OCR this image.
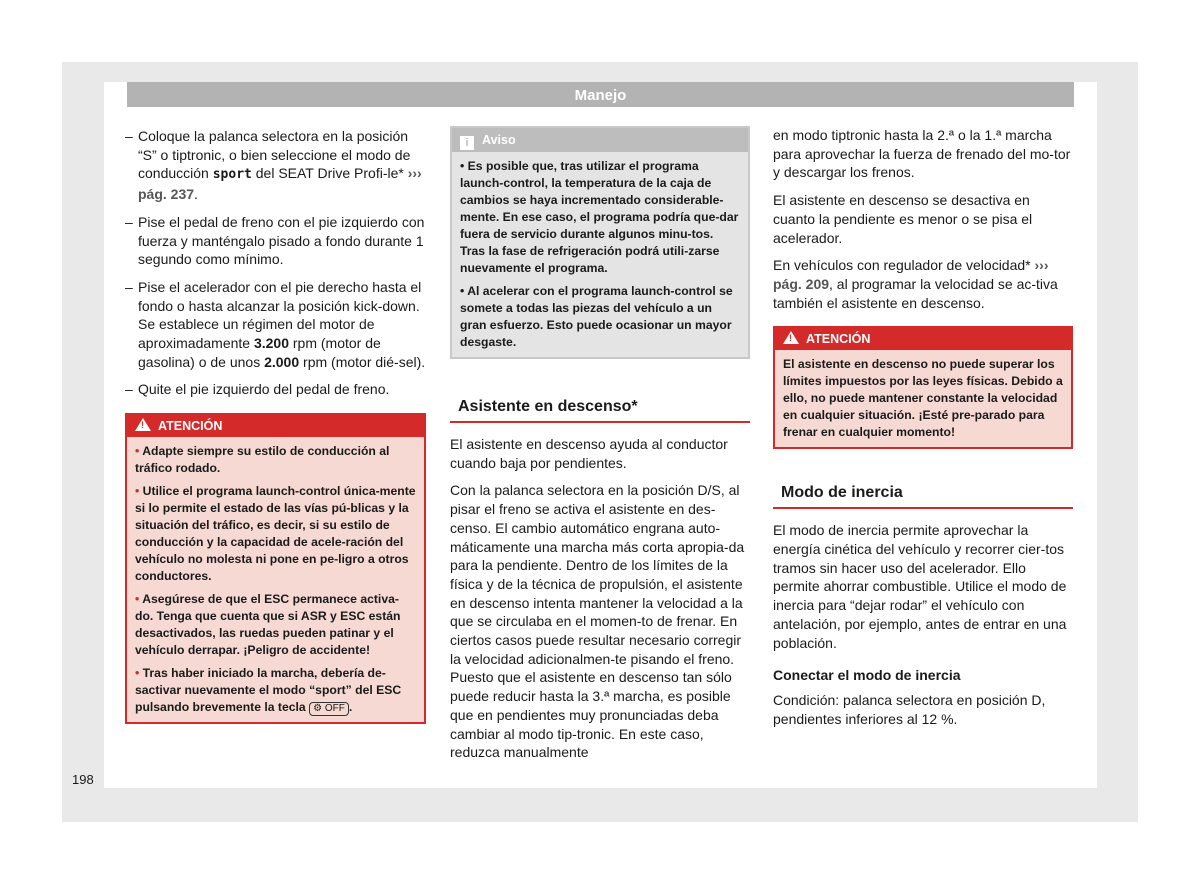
Manejo
– Coloque la palanca selectora en la posición “S” o tiptronic, o bien seleccione el modo de conducción sport del SEAT Drive Profi-le* ››› pág. 237.
– Pise el pedal de freno con el pie izquierdo con fuerza y manténgalo pisado a fondo durante 1 segundo como mínimo.
– Pise el acelerador con el pie derecho hasta el fondo o hasta alcanzar la posición kick-down. Se establece un régimen del motor de aproximadamente 3.200 rpm (motor de gasolina) o de unos 2.000 rpm (motor dié-sel).
– Quite el pie izquierdo del pedal de freno.
!ATENCIÓN

• Adapte siempre su estilo de conducción al tráfico rodado.

• Utilice el programa launch-control única-mente si lo permite el estado de las vías pú-blicas y la situación del tráfico, es decir, si su estilo de conducción y la capacidad de acele-ración del vehículo no molesta ni pone en pe-ligro a otros conductores.

• Asegúrese de que el ESC permanece activa-do. Tenga que cuenta que si ASR y ESC están desactivados, las ruedas pueden patinar y el vehículo derrapar. ¡Peligro de accidente!

• Tras haber iniciado la marcha, debería de-sactivar nuevamente el modo “sport” del ESC pulsando brevemente la tecla ⚙ OFF .

i Aviso

• Es posible que, tras utilizar el programa launch-control, la temperatura de la caja de cambios se haya incrementado considerable-mente. En ese caso, el programa podría que-dar fuera de servicio durante algunos minu-tos. Tras la fase de refrigeración podrá utili-zarse nuevamente el programa.

• Al acelerar con el programa launch-control se somete a todas las piezas del vehículo a un gran esfuerzo. Esto puede ocasionar un mayor desgaste.

Asistente en descenso*

El asistente en descenso ayuda al conductor cuando baja por pendientes.

Con la palanca selectora en la posición D/S, al pisar el freno se activa el asistente en des-censo. El cambio automático engrana auto-máticamente una marcha más corta apropia-da para la pendiente. Dentro de los límites de la física y de la técnica de propulsión, el asistente en descenso intenta mantener la velocidad a la que se circulaba en el momen-to de frenar. En ciertos casos puede resultar necesario corregir la velocidad adicionalmen-te pisando el freno. Puesto que el asistente en descenso tan sólo puede reducir hasta la 3.ª marcha, es posible que en pendientes muy pronunciadas deba cambiar al modo tip-tronic. En este caso, reduzca manualmente

en modo tiptronic hasta la 2.ª o la 1.ª marcha para aprovechar la fuerza de frenado del mo-tor y descargar los frenos.

El asistente en descenso se desactiva en cuanto la pendiente es menor o se pisa el acelerador.

En vehículos con regulador de velocidad* ››› pág. 209, al programar la velocidad se ac-tiva también el asistente en descenso.

!ATENCIÓN

El asistente en descenso no puede superar los límites impuestos por las leyes físicas. Debido a ello, no puede mantener constante la velocidad en cualquier situación. ¡Esté pre-parado para frenar en cualquier momento!

Modo de inercia

El modo de inercia permite aprovechar la energía cinética del vehículo y recorrer cier-tos tramos sin hacer uso del acelerador. Ello permite ahorrar combustible. Utilice el modo de inercia para “dejar rodar” el vehículo con antelación, por ejemplo, antes de entrar en una población.

Conectar el modo de inercia

Condición: palanca selectora en posición D, pendientes inferiores al 12 %.

198
